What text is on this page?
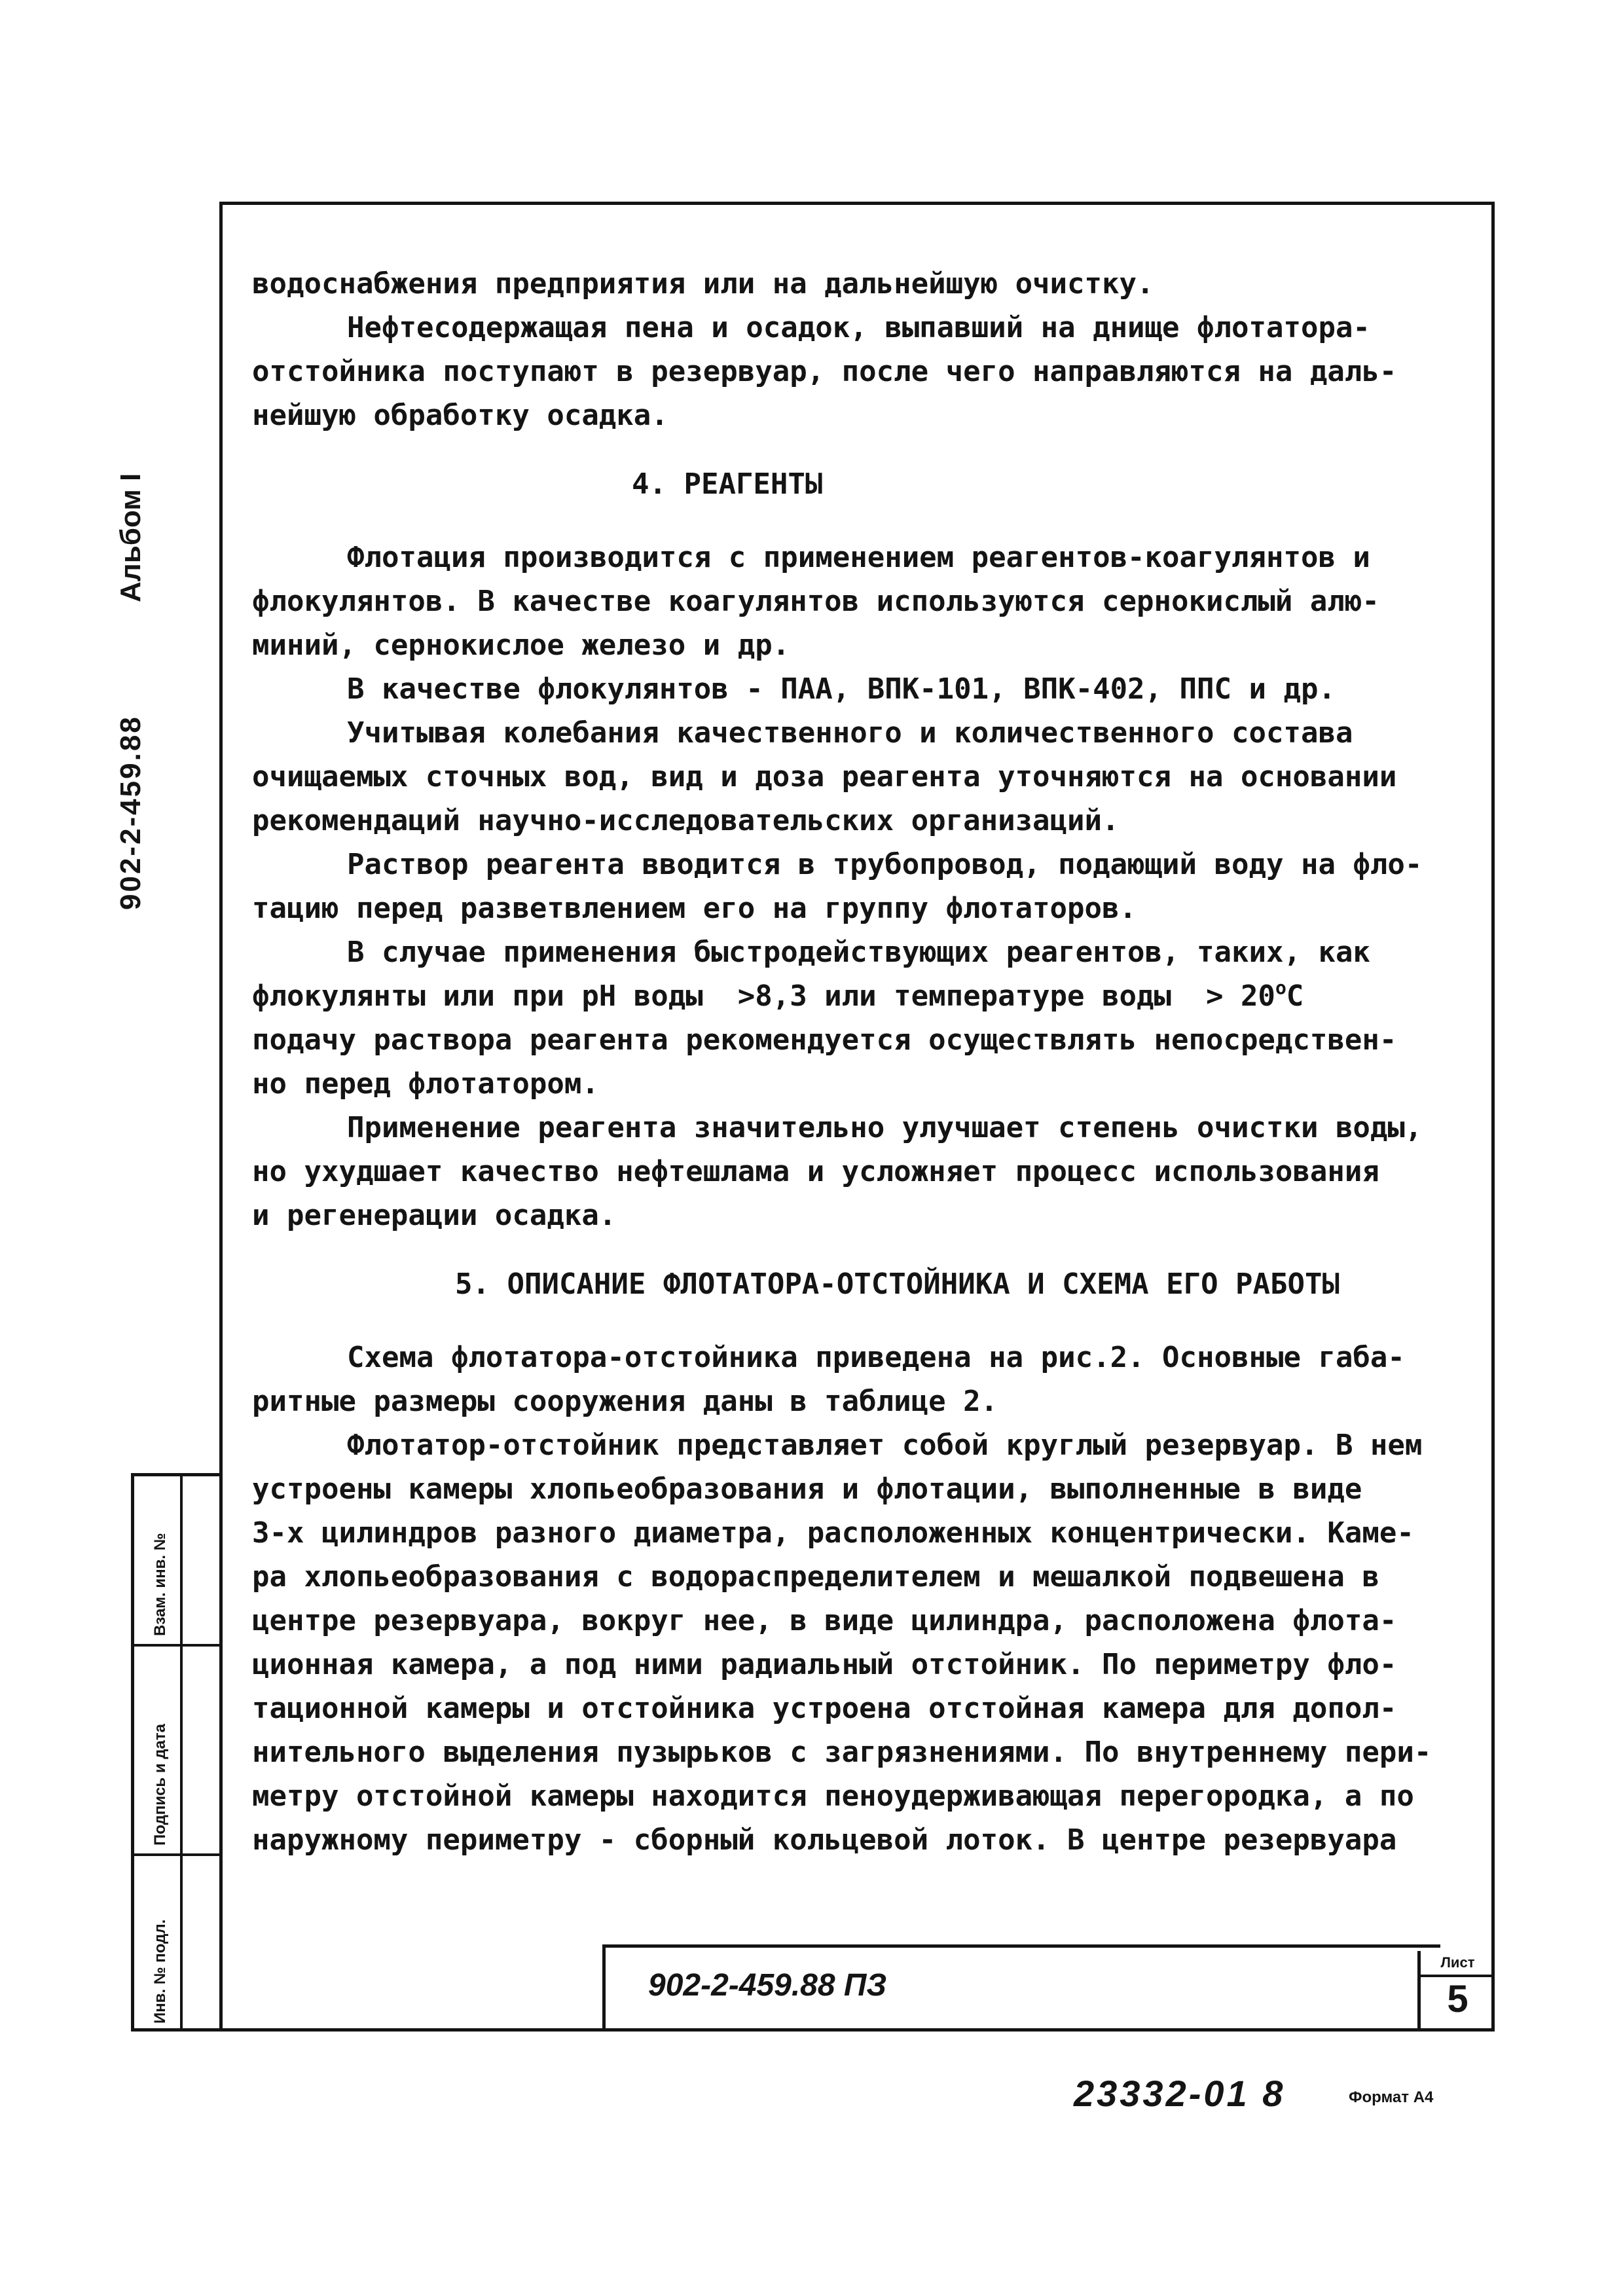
902-2-459.88
Альбом I
Взам. инв. №
Подпись и дата
Инв. № подл.

водоснабжения предприятия или на дальнейшую очистку.

Нефтесодержащая пена и осадок, выпавший на днище флотатора-

отстойника поступают в резервуар, после чего направляются на даль-

нейшую обработку осадка.

4. РЕАГЕНТЫ

Флотация производится с применением реагентов-коагулянтов и

флокулянтов. В качестве коагулянтов используются сернокислый алю-

миний, сернокислое железо и др.

В качестве флокулянтов - ПАА, ВПК-101, ВПК-402, ППС и др.

Учитывая колебания качественного и количественного состава

очищаемых сточных вод, вид и доза реагента уточняются на основании

рекомендаций научно-исследовательских организаций.

Раствор реагента вводится в трубопровод, подающий воду на фло-

тацию перед разветвлением его на группу флотаторов.

В случае применения быстродействующих реагентов, таких, как

флокулянты или при pH воды  >8,3 или температуре воды  > $20^oC$

подачу раствора реагента рекомендуется осуществлять непосредствен-

но перед флотатором.

Применение реагента значительно улучшает степень очистки воды,

но ухудшает качество нефтешлама и усложняет процесс использования

и регенерации осадка.

5. ОПИСАНИЕ ФЛОТАТОРА-ОТСТОЙНИКА И СХЕМА ЕГО РАБОТЫ

Схема флотатора-отстойника приведена на рис.2. Основные габа-

ритные размеры сооружения даны в таблице 2.

Флотатор-отстойник представляет собой круглый резервуар. В нем

устроены камеры хлопьеобразования и флотации, выполненные в виде

3-х цилиндров разного диаметра, расположенных концентрически. Каме-

ра хлопьеобразования с водораспределителем и мешалкой подвешена в

центре резервуара, вокруг нее, в виде цилиндра, расположена флота-

ционная камера, а под ними радиальный отстойник. По периметру фло-

тационной камеры и отстойника устроена отстойная камера для допол-

нительного выделения пузырьков с загрязнениями. По внутреннему пери-

метру отстойной камеры находится пеноудерживающая перегородка, а по

наружному периметру - сборный кольцевой лоток. В центре резервуара

902-2-459.88 ПЗ
Лист
5
23332-01 8	Формат А4
